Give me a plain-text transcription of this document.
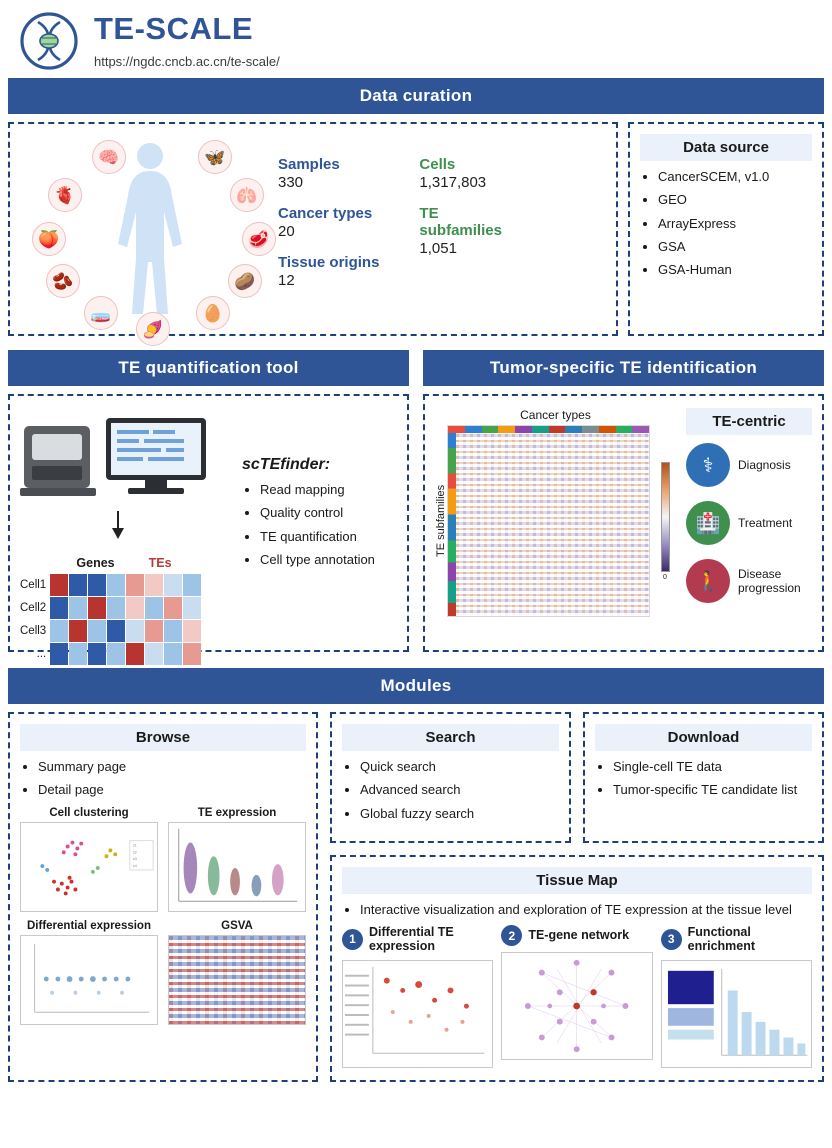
TE-SCALE
https://ngdc.cncb.ac.cn/te-scale/
Data curation
🧠	🦋
🫀	🫁
🍑	🥩
🫘	🥔
🧫	🥚
🍠
Samples
330
Cancer types
20
Tissue origins
12
Cells
1,317,803
TE subfamilies
1,051
Data source
• CancerSCEM, v1.0
• GEO
• ArrayExpress
• GSA
• GSA-Human
TE quantification tool

Genes	TEs
Cell1
Cell2
Cell3
...
scTEfinder:
• Read mapping
• Quality control
• TE quantification
• Cell type annotation
Tumor-specific TE identification
Cancer types
TE subfamilies
0
TE-centric
⚕	Diagnosis
🏥	Treatment
🚶	Disease progression
Modules
Browse
• Summary page
• Detail page
Cell clustering
c1
c2
c3
c4
TE expression
Differential expression	GSVA
Search
• Quick search
• Advanced search
• Global fuzzy search
Download
• Single-cell TE data
• Tumor-specific TE candidate list
Tissue Map
• Interactive visualization and exploration of TE expression at the tissue level
1
Differential TE expression
2	TE-gene network	3
Functional enrichment
